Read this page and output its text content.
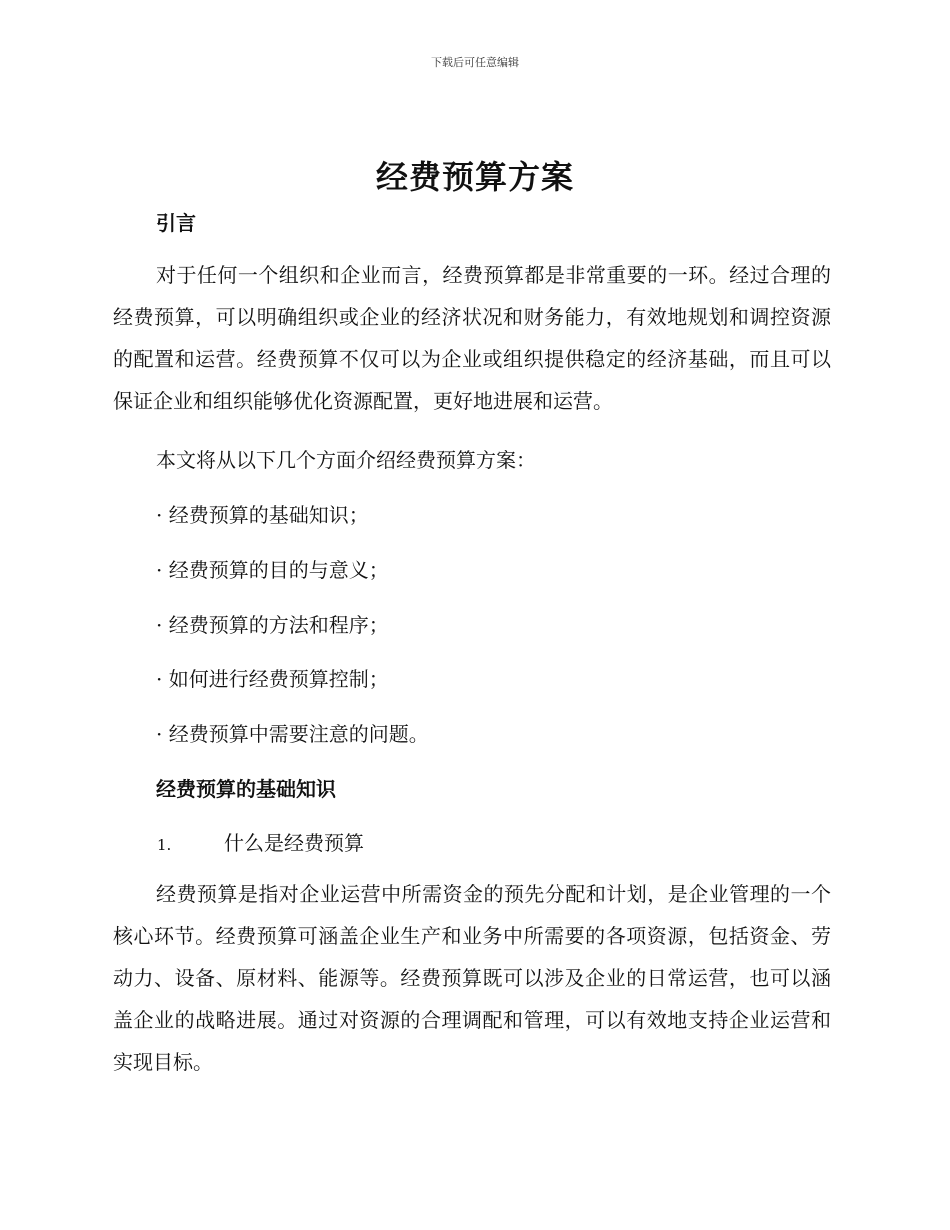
下载后可任意编辑
经费预算方案
引言

对于任何一个组织和企业而言，经费预算都是非常重要的一环。经过合理的经费预算，可以明确组织或企业的经济状况和财务能力，有效地规划和调控资源的配置和运营。经费预算不仅可以为企业或组织提供稳定的经济基础，而且可以保证企业和组织能够优化资源配置，更好地进展和运营。

本文将从以下几个方面介绍经费预算方案：

· 经费预算的基础知识；

· 经费预算的目的与意义；

· 经费预算的方法和程序；

· 如何进行经费预算控制；

· 经费预算中需要注意的问题。

经费预算的基础知识

1.	什么是经费预算

经费预算是指对企业运营中所需资金的预先分配和计划，是企业管理的一个核心环节。经费预算可涵盖企业生产和业务中所需要的各项资源，包括资金、劳动力、设备、原材料、能源等。经费预算既可以涉及企业的日常运营，也可以涵盖企业的战略进展。通过对资源的合理调配和管理，可以有效地支持企业运营和实现目标。
